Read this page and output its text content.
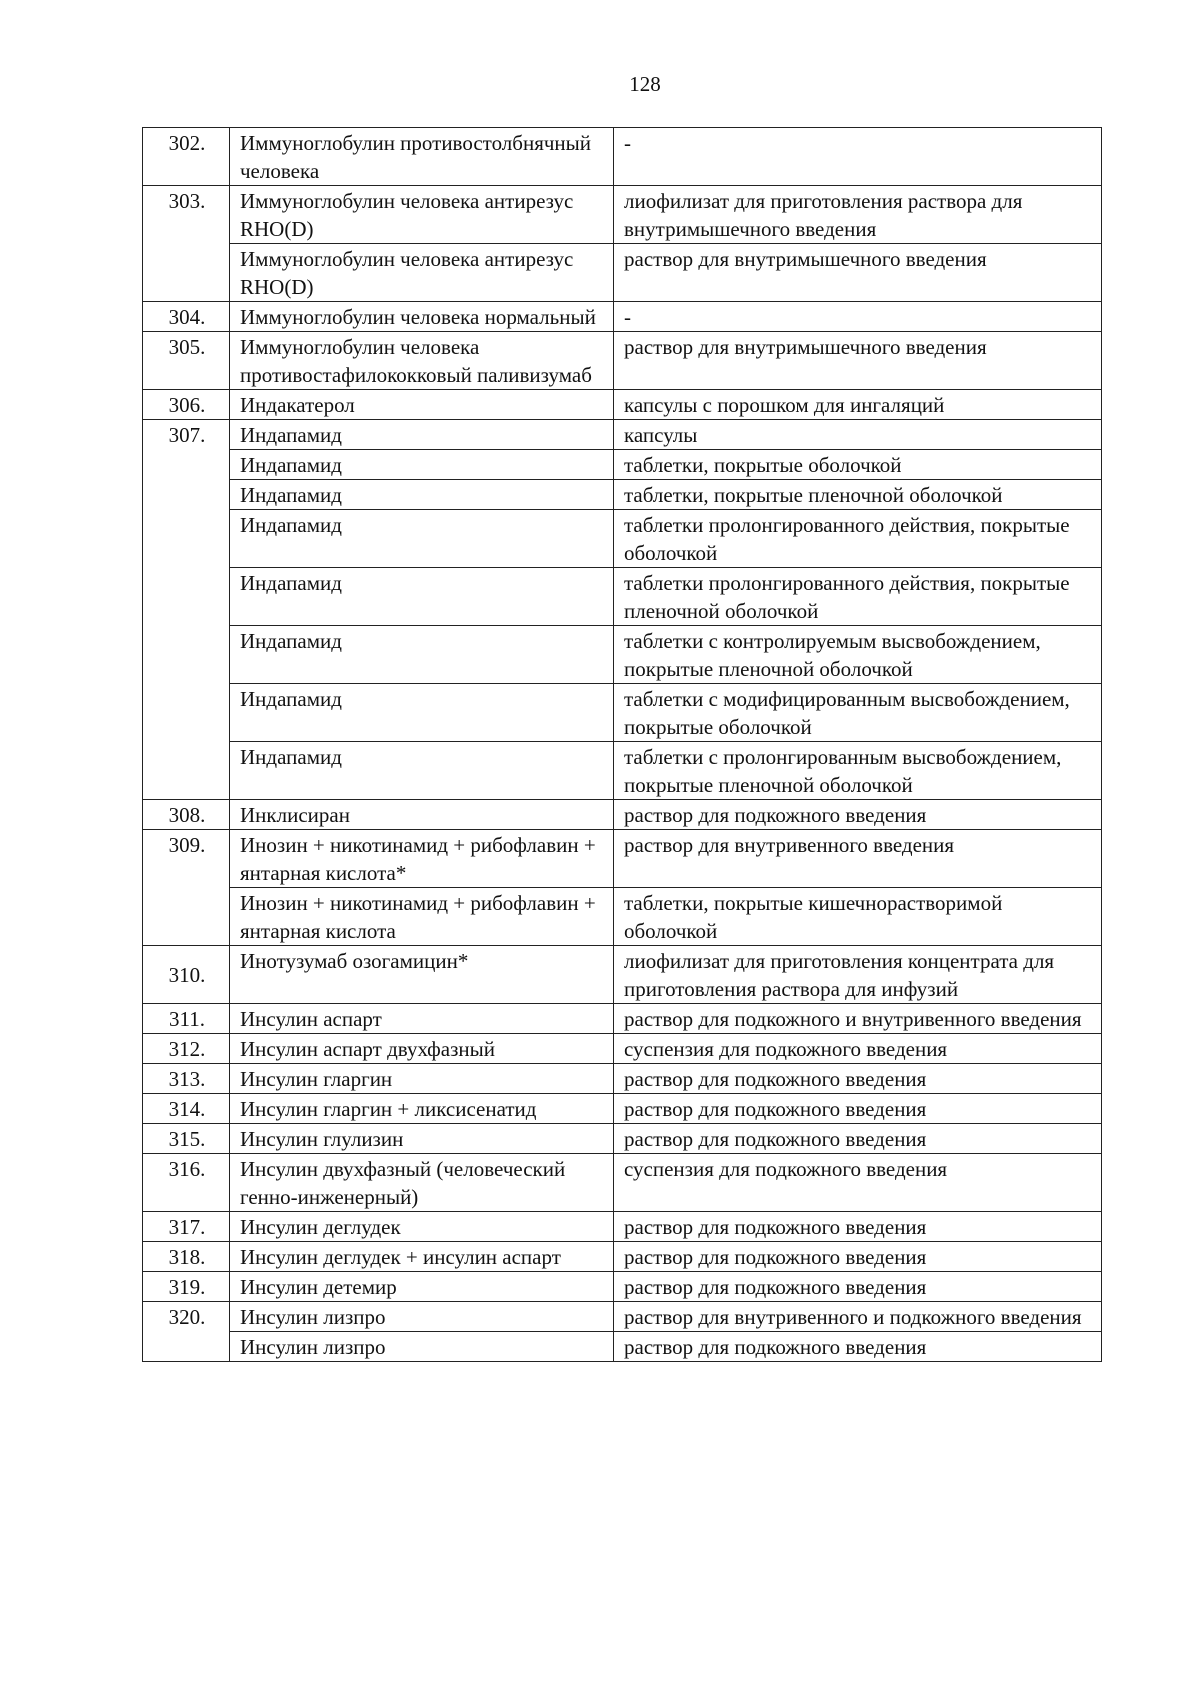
128
302.	Иммуноглобулин противостолбнячный человека	-
303.	Иммуноглобулин человека антирезус RHO(D)	лиофилизат для приготовления раствора для внутримышечного введения
	Иммуноглобулин человека антирезус RHO(D)	раствор для внутримышечного введения
304.	Иммуноглобулин человека нормальный	-
305.	Иммуноглобулин человека противостафилококковый паливизумаб	раствор для внутримышечного введения
306.	Индакатерол	капсулы с порошком для ингаляций
307.	Индапамид	капсулы
	Индапамид	таблетки, покрытые оболочкой
	Индапамид	таблетки, покрытые пленочной оболочкой
	Индапамид	таблетки пролонгированного действия, покрытые оболочкой
	Индапамид	таблетки пролонгированного действия, покрытые пленочной оболочкой
	Индапамид	таблетки с контролируемым высвобождением, покрытые пленочной оболочкой
	Индапамид	таблетки с модифицированным высвобождением, покрытые оболочкой
	Индапамид	таблетки с пролонгированным высвобождением, покрытые пленочной оболочкой
308.	Инклисиран	раствор для подкожного введения
309.	Инозин + никотинамид + рибофлавин + янтарная кислота*	раствор для внутривенного введения
	Инозин + никотинамид + рибофлавин + янтарная кислота	таблетки, покрытые кишечнорастворимой оболочкой
310.	Инотузумаб озогамицин*	лиофилизат для приготовления концентрата для приготовления раствора для инфузий
311.	Инсулин аспарт	раствор для подкожного и внутривенного введения
312.	Инсулин аспарт двухфазный	суспензия для подкожного введения
313.	Инсулин гларгин	раствор для подкожного введения
314.	Инсулин гларгин + ликсисенатид	раствор для подкожного введения
315.	Инсулин глулизин	раствор для подкожного введения
316.	Инсулин двухфазный (человеческий генно-инженерный)	суспензия для подкожного введения
317.	Инсулин деглудек	раствор для подкожного введения
318.	Инсулин деглудек + инсулин аспарт	раствор для подкожного введения
319.	Инсулин детемир	раствор для подкожного введения
320.	Инсулин лизпро	раствор для внутривенного и подкожного введения
	Инсулин лизпро	раствор для подкожного введения
